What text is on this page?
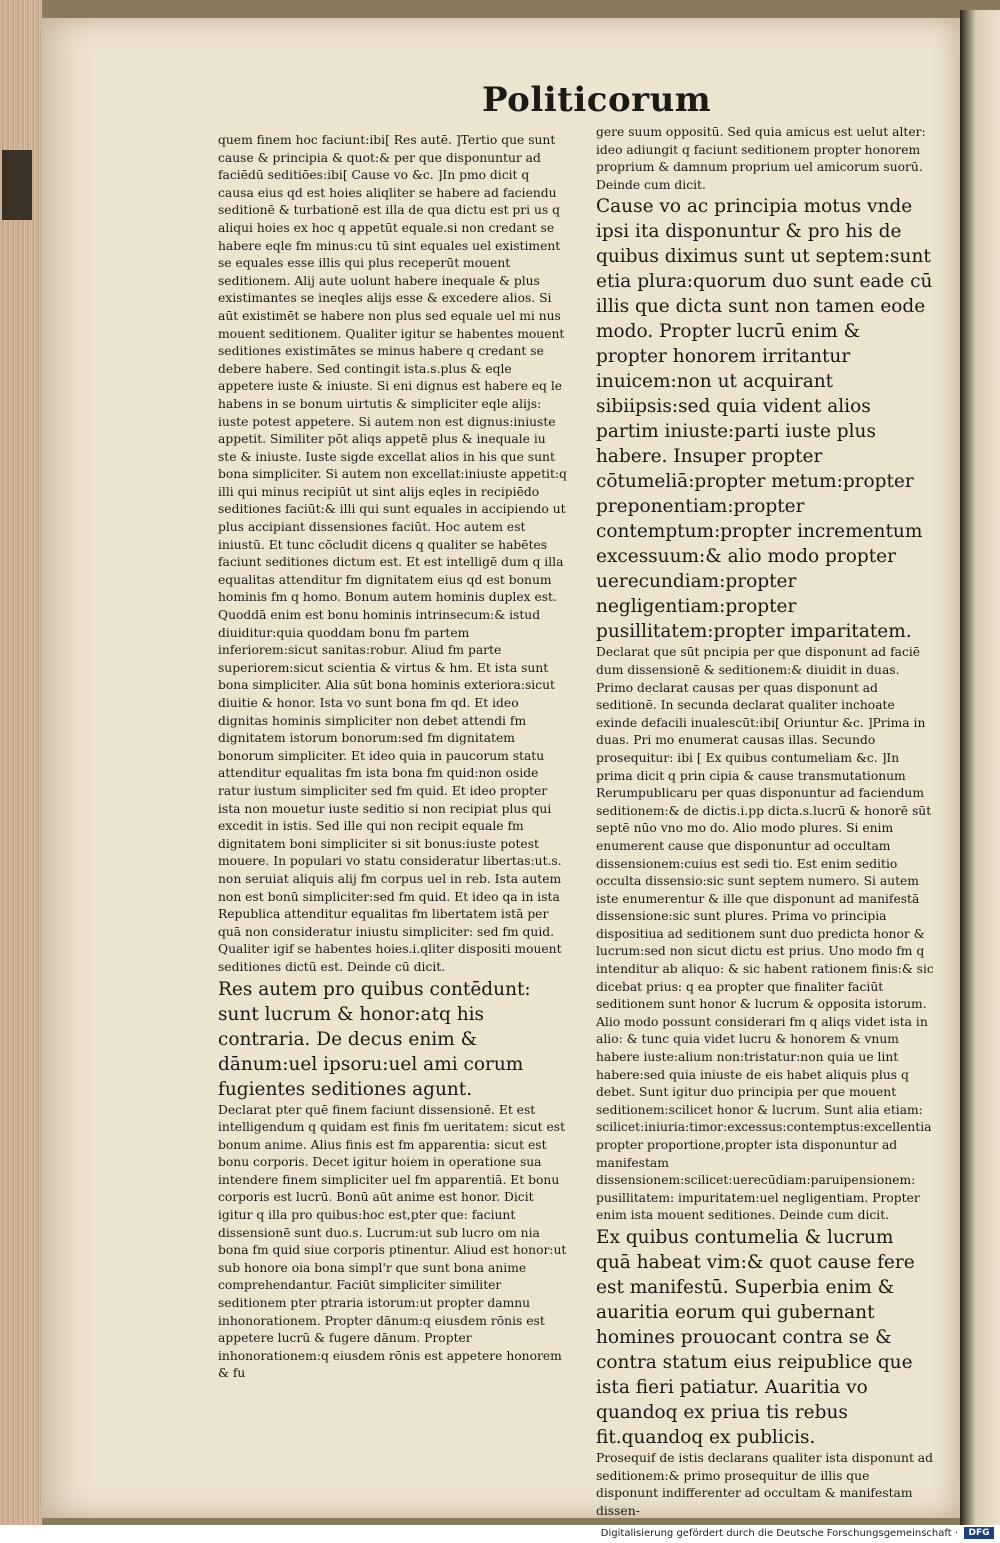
Politicorum

quem finem hoc faciunt:ibi[ Res autē. ]Tertio que sunt cause & principia & quot:& per que disponuntur ad faciēdū seditiōes:ibi[ Cause vo &c. ]In pmo dicit q causa eius qd est hoies aliqliter se habere ad faciendu seditionē & turbationē est illa de qua dictu est pri us q aliqui hoies ex hoc q appetūt equale.si non credant se habere eqle fm minus:cu tū sint equales uel existiment se equales esse illis qui plus receperūt mouent seditionem. Alij aute uolunt habere inequale & plus existimantes se ineqles alijs esse & excedere alios. Si aūt existimēt se habere non plus sed equale uel mi nus mouent seditionem. Qualiter igitur se habentes mouent seditiones existimātes se minus habere q credant se debere habere. Sed contingit ista.s.plus & eqle appetere iuste & iniuste. Si eni dignus est habere eq le habens in se bonum uirtutis & simpliciter eqle alijs: iuste potest appetere. Si autem non est dignus:iniuste appetit. Similiter pōt aliqs appetē plus & inequale iu ste & iniuste. Iuste sigde excellat alios in his que sunt bona simpliciter. Si autem non excellat:iniuste appetit:q illi qui minus recipiūt ut sint alijs eqles in recipiēdo seditiones faciūt:& illi qui sunt equales in accipiendo ut plus accipiant dissensiones faciūt. Hoc autem est iniustū. Et tunc cōcludit dicens q qualiter se habētes faciunt seditiones dictum est. Et est intelligē dum q illa equalitas attenditur fm dignitatem eius qd est bonum hominis fm q homo. Bonum autem hominis duplex est. Quoddā enim est bonu hominis intrinsecum:& istud diuiditur:quia quoddam bonu fm partem inferiorem:sicut sanitas:robur. Aliud fm parte superiorem:sicut scientia & virtus & hm. Et ista sunt bona simpliciter. Alia sūt bona hominis exteriora:sicut diuitie & honor. Ista vo sunt bona fm qd. Et ideo dignitas hominis simpliciter non debet attendi fm dignitatem istorum bonorum:sed fm dignitatem bonorum simpliciter. Et ideo quia in paucorum statu attenditur equalitas fm ista bona fm quid:non oside ratur iustum simpliciter sed fm quid. Et ideo propter ista non mouetur iuste seditio si non recipiat plus qui excedit in istis. Sed ille qui non recipit equale fm dignitatem boni simpliciter si sit bonus:iuste potest mouere. In populari vo statu consideratur libertas:ut.s. non seruiat aliquis alij fm corpus uel in reb. Ista autem non est bonū simpliciter:sed fm quid. Et ideo qa in ista Republica attenditur equalitas fm libertatem istā per quā non consideratur iniustu simpliciter: sed fm quid. Qualiter igif se habentes hoies.i.qliter dispositi mouent seditiones dictū est. Deinde cū dicit.

Res autem pro quibus contēdunt: sunt lucrum & honor:atq his contraria. De decus enim & dānum:uel ipsoru:uel ami corum fugientes seditiones agunt.

Declarat pter quē finem faciunt dissensionē. Et est intelligendum q quidam est finis fm ueritatem: sicut est bonum anime. Alius finis est fm apparentia: sicut est bonu corporis. Decet igitur hoiem in operatione sua intendere finem simpliciter uel fm apparentiā. Et bonu corporis est lucrū. Bonū aūt anime est honor. Dicit igitur q illa pro quibus:hoc est,pter que: faciunt dissensionē sunt duo.s. Lucrum:ut sub lucro om nia bona fm quid siue corporis ptinentur. Aliud est honor:ut sub honore oia bona simpl'r que sunt bona anime comprehendantur. Faciūt simpliciter similiter seditionem pter ptraria istorum:ut propter damnu inhonorationem. Propter dānum:q eiusdem rōnis est appetere lucrū & fugere dānum. Propter inhonorationem:q eiusdem rōnis est appetere honorem & fu

gere suum oppositū. Sed quia amicus est uelut alter: ideo adiungit q faciunt seditionem propter honorem proprium & damnum proprium uel amicorum suorū. Deinde cum dicit.

Cause vo ac principia motus vnde ipsi ita disponuntur & pro his de quibus diximus sunt ut septem:sunt etia plura:quorum duo sunt eade cū illis que dicta sunt non tamen eode modo. Propter lucrū enim & propter honorem irritantur inuicem:non ut acquirant sibiipsis:sed quia vident alios partim iniuste:parti iuste plus habere. Insuper propter cōtumeliā:propter metum:propter preponentiam:propter contemptum:propter incrementum excessuum:& alio modo propter uerecundiam:propter negligentiam:propter pusillitatem:propter imparitatem.

Declarat que sūt pncipia per que disponunt ad faciē dum dissensionē & seditionem:& diuidit in duas. Primo declarat causas per quas disponunt ad seditionē. In secunda declarat qualiter inchoate exinde defacili inualescūt:ibi[ Oriuntur &c. ]Prima in duas. Pri mo enumerat causas illas. Secundo prosequitur: ibi [ Ex quibus contumeliam &c. ]In prima dicit q prin cipia & cause transmutationum Rerumpublicaru per quas disponuntur ad faciendum seditionem:& de dictis.i.pp dicta.s.lucrū & honorē sūt septē nūo vno mo do. Alio modo plures. Si enim enumerent cause que disponuntur ad occultam dissensionem:cuius est sedi tio. Est enim seditio occulta dissensio:sic sunt septem numero. Si autem iste enumerentur & ille que disponunt ad manifestā dissensione:sic sunt plures. Prima vo principia dispositiua ad seditionem sunt duo predicta honor & lucrum:sed non sicut dictu est prius. Uno modo fm q intenditur ab aliquo: & sic habent rationem finis:& sic dicebat prius: q ea propter que finaliter faciūt seditionem sunt honor & lucrum & opposita istorum. Alio modo possunt considerari fm q aliqs videt ista in alio: & tunc quia videt lucru & honorem & vnum habere iuste:alium non:tristatur:non quia ue lint habere:sed quia iniuste de eis habet aliquis plus q debet. Sunt igitur duo principia per que mouent seditionem:scilicet honor & lucrum. Sunt alia etiam: scilicet:iniuria:timor:excessus:contemptus:excellentia propter proportione,propter ista disponuntur ad manifestam dissensionem:scilicet:uerecūdiam:paruipensionem: pusillitatem: impuritatem:uel negligentiam. Propter enim ista mouent seditiones. Deinde cum dicit.

Ex quibus contumelia & lucrum quā habeat vim:& quot cause fere est manifestū. Superbia enim & auaritia eorum qui gubernant homines prouocant contra se & contra statum eius reipublice que ista fieri patiatur. Auaritia vo quandoq ex priua tis rebus fit.quandoq ex publicis.

Prosequif de istis declarans qualiter ista disponunt ad seditionem:& primo prosequitur de illis que disponunt indifferenter ad occultam & manifestam dissen-

Digitalisierung gefördert durch die Deutsche Forschungsgemeinschaft ·	DFG
